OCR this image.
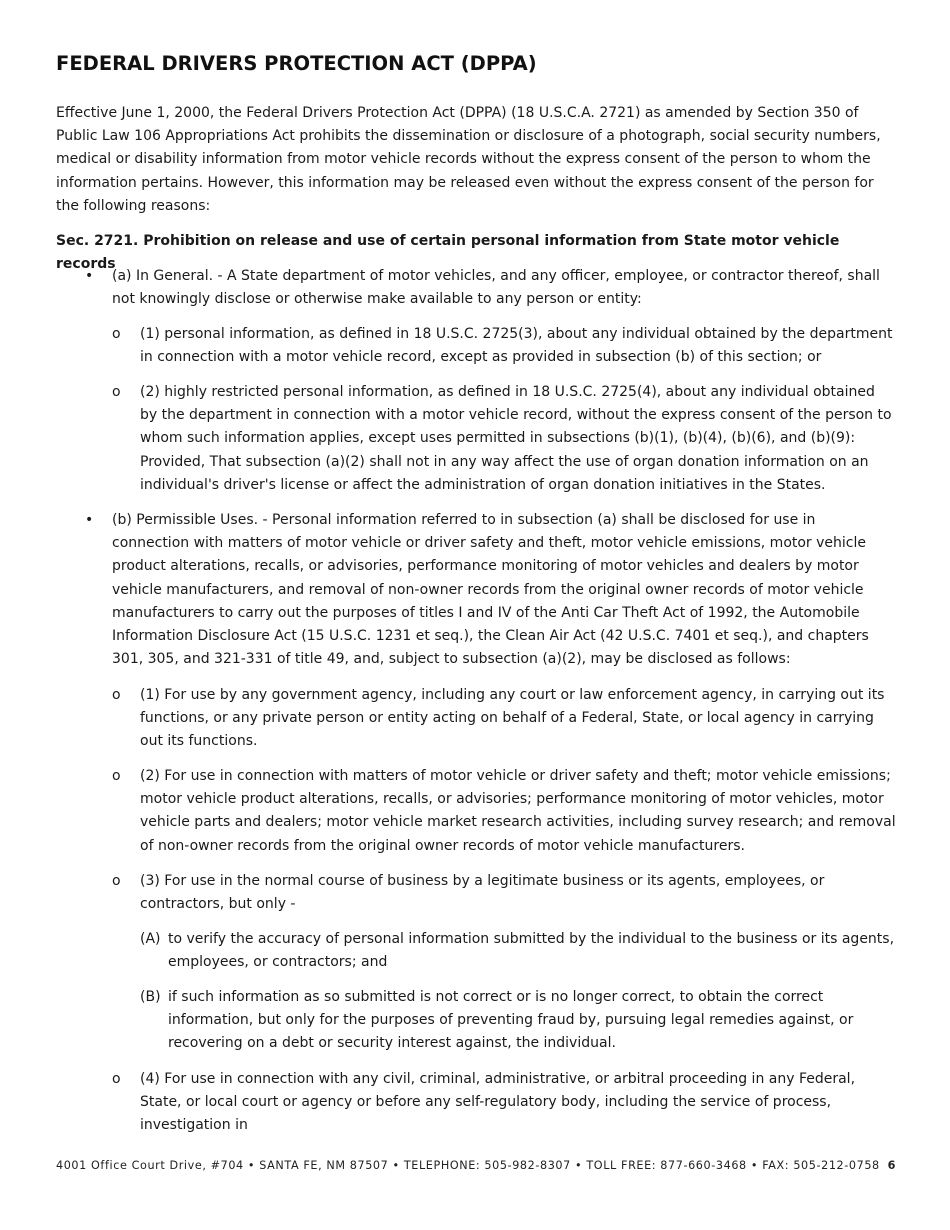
FEDERAL DRIVERS PROTECTION ACT (DPPA)

Effective June 1, 2000, the Federal Drivers Protection Act (DPPA) (18 U.S.C.A. 2721) as amended by Section 350 of Public Law 106 Appropriations Act prohibits the dissemination or disclosure of a photograph, social security numbers, medical or disability information from motor vehicle records without the express consent of the person to whom the information pertains. However, this information may be released even without the express consent of the person for the following reasons:

Sec. 2721. Prohibition on release and use of certain personal information from State motor vehicle records

• (a) In General. - A State department of motor vehicles, and any officer, employee, or contractor thereof, shall not knowingly disclose or otherwise make available to any person or entity:
o (1) personal information, as defined in 18 U.S.C. 2725(3), about any individual obtained by the department in connection with a motor vehicle record, except as provided in subsection (b) of this section; or
o (2) highly restricted personal information, as defined in 18 U.S.C. 2725(4), about any individual obtained by the department in connection with a motor vehicle record, without the express consent of the person to whom such information applies, except uses permitted in subsections (b)(1), (b)(4), (b)(6), and (b)(9): Provided, That subsection (a)(2) shall not in any way affect the use of organ donation information on an individual's driver's license or affect the administration of organ donation initiatives in the States.
• (b) Permissible Uses. - Personal information referred to in subsection (a) shall be disclosed for use in connection with matters of motor vehicle or driver safety and theft, motor vehicle emissions, motor vehicle product alterations, recalls, or advisories, performance monitoring of motor vehicles and dealers by motor vehicle manufacturers, and removal of non-owner records from the original owner records of motor vehicle manufacturers to carry out the purposes of titles I and IV of the Anti Car Theft Act of 1992, the Automobile Information Disclosure Act (15 U.S.C. 1231 et seq.), the Clean Air Act (42 U.S.C. 7401 et seq.), and chapters 301, 305, and 321-331 of title 49, and, subject to subsection (a)(2), may be disclosed as follows:
o (1) For use by any government agency, including any court or law enforcement agency, in carrying out its functions, or any private person or entity acting on behalf of a Federal, State, or local agency in carrying out its functions.
o (2) For use in connection with matters of motor vehicle or driver safety and theft; motor vehicle emissions; motor vehicle product alterations, recalls, or advisories; performance monitoring of motor vehicles, motor vehicle parts and dealers; motor vehicle market research activities, including survey research; and removal of non-owner records from the original owner records of motor vehicle manufacturers.
o (3) For use in the normal course of business by a legitimate business or its agents, employees, or contractors, but only -
(A) to verify the accuracy of personal information submitted by the individual to the business or its agents, employees, or contractors; and
(B) if such information as so submitted is not correct or is no longer correct, to obtain the correct information, but only for the purposes of preventing fraud by, pursuing legal remedies against, or recovering on a debt or security interest against, the individual.
o (4) For use in connection with any civil, criminal, administrative, or arbitral proceeding in any Federal, State, or local court or agency or before any self-regulatory body, including the service of process, investigation in
4001 Office Court Drive, #704 • SANTA FE, NM 87507 • TELEPHONE: 505-982-8307 • TOLL FREE: 877-660-3468 • FAX: 505-212-0758 6
